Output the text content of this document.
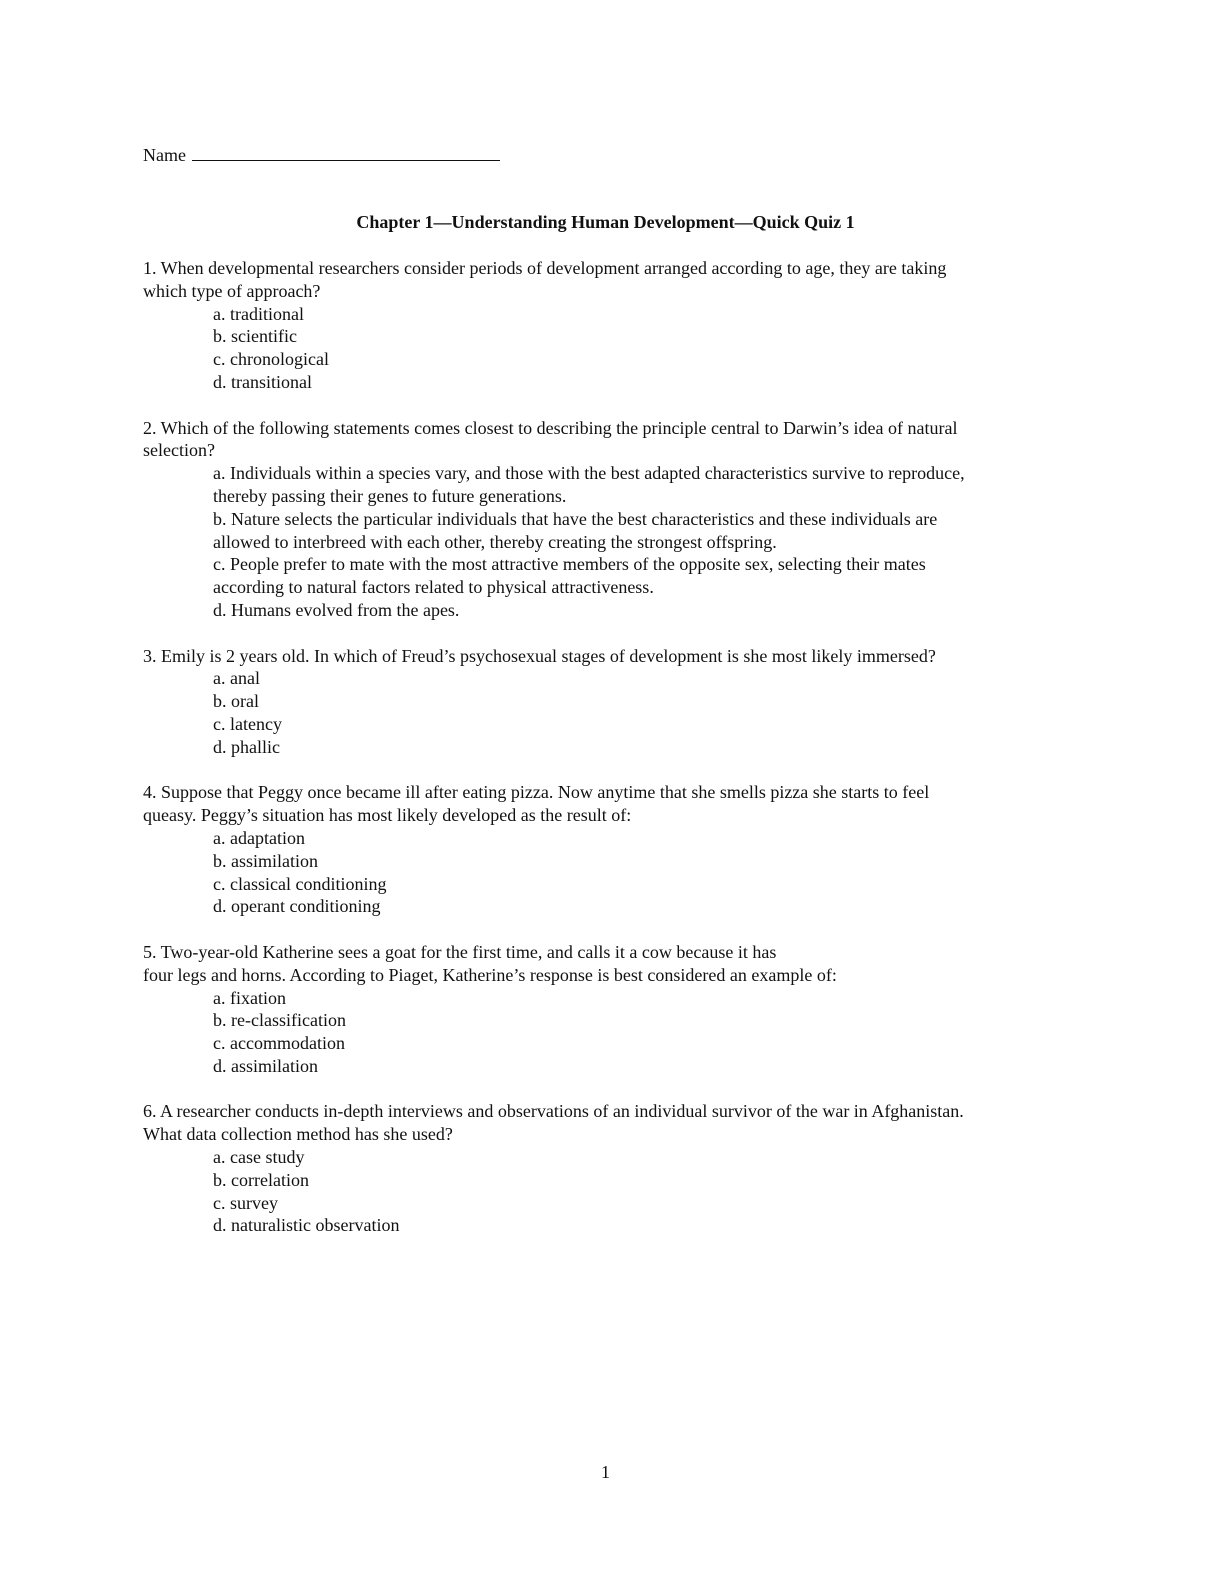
Name
Chapter 1—Understanding Human Development—Quick Quiz 1
1. When developmental researchers consider periods of development arranged according to age, they are taking
which type of approach?
a. traditional
b. scientific
c. chronological
d. transitional
2. Which of the following statements comes closest to describing the principle central to Darwin’s idea of natural
selection?
a. Individuals within a species vary, and those with the best adapted characteristics survive to reproduce,
thereby passing their genes to future generations.
b. Nature selects the particular individuals that have the best characteristics and these individuals are
allowed to interbreed with each other, thereby creating the strongest offspring.
c. People prefer to mate with the most attractive members of the opposite sex, selecting their mates
according to natural factors related to physical attractiveness.
d. Humans evolved from the apes.
3. Emily is 2 years old. In which of Freud’s psychosexual stages of development is she most likely immersed?
a. anal
b. oral
c. latency
d. phallic
4. Suppose that Peggy once became ill after eating pizza. Now anytime that she smells pizza she starts to feel
queasy. Peggy’s situation has most likely developed as the result of:
a. adaptation
b. assimilation
c. classical conditioning
d. operant conditioning
5. Two-year-old Katherine sees a goat for the first time, and calls it a cow because it has
four legs and horns. According to Piaget, Katherine’s response is best considered an example of:
a. fixation
b. re-classification
c. accommodation
d. assimilation
6. A researcher conducts in-depth interviews and observations of an individual survivor of the war in Afghanistan.
What data collection method has she used?
a. case study
b. correlation
c. survey
d. naturalistic observation
1
